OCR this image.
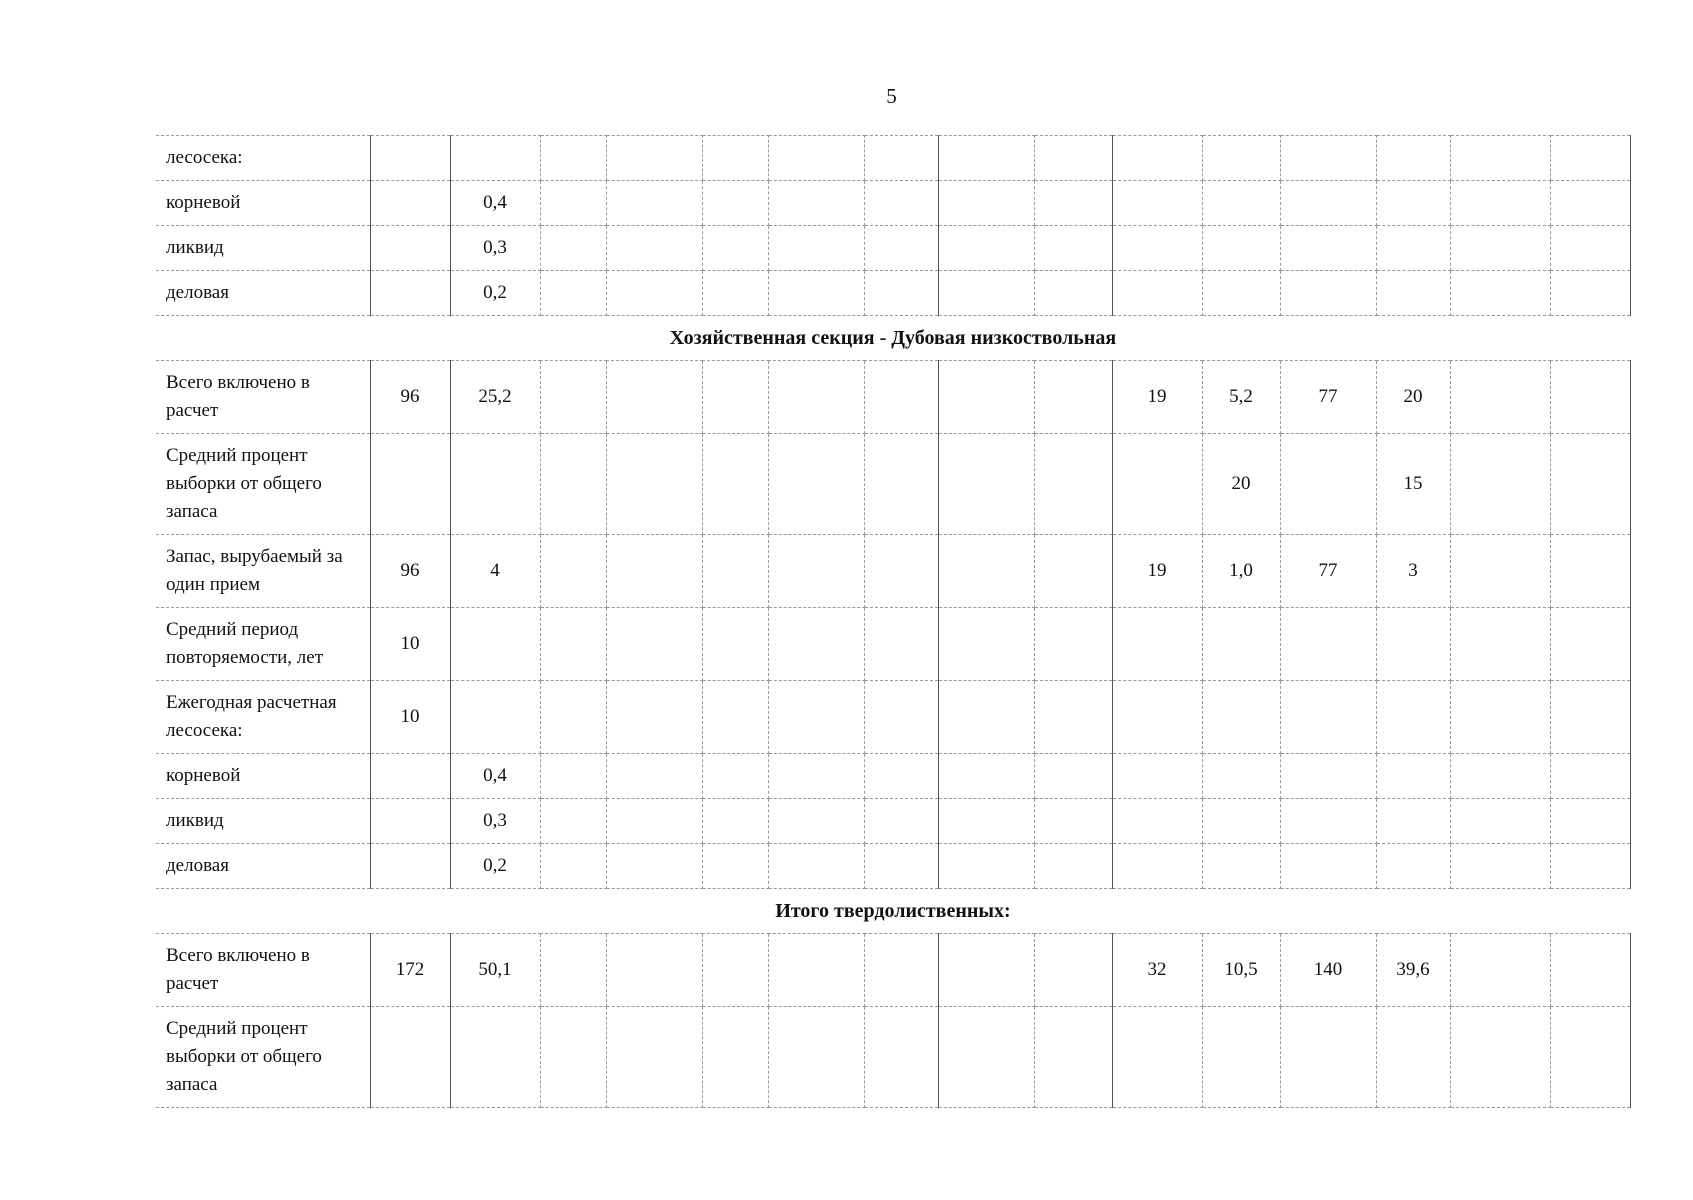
5
лесосека:															
корневой		0,4													
ликвид		0,3													
деловая		0,2													
Хозяйственная секция - Дубовая низкоствольная															
Всего включено в расчет	96	25,2								19	5,2	77	20		
Средний процент выборки от общего запаса											20		15		
Запас, вырубаемый за один прием	96	4								19	1,0	77	3		
Средний период повторяемости, лет	10														
Ежегодная расчетная лесосека:	10														
корневой		0,4													
ликвид		0,3													
деловая		0,2													
Итого твердолиственных:															
Всего включено в расчет	172	50,1								32	10,5	140	39,6		
Средний процент выборки от общего запаса															
